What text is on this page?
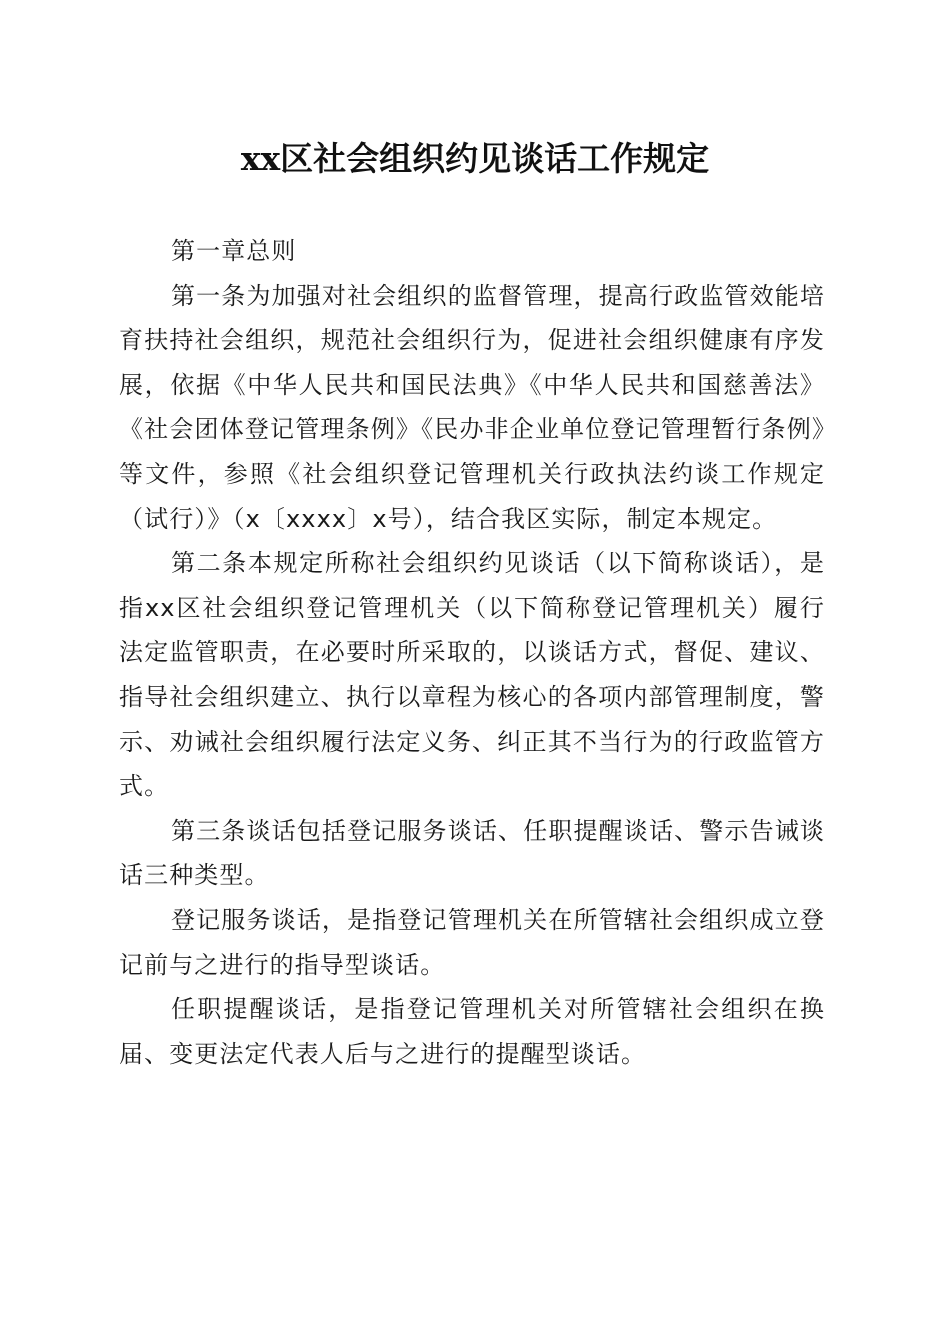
xx区社会组织约见谈话工作规定

第一章总则

第一条为加强对社会组织的监督管理，提高行政监管效能培育扶持社会组织，规范社会组织行为，促进社会组织健康有序发展，依据《中华人民共和国民法典》《中华人民共和国慈善法》《社会团体登记管理条例》《民办非企业单位登记管理暂行条例》等文件，参照《社会组织登记管理机关行政执法约谈工作规定（试行）》（x〔xxxx〕x号），结合我区实际，制定本规定。

第二条本规定所称社会组织约见谈话（以下简称谈话），是指xx区社会组织登记管理机关（以下简称登记管理机关）履行法定监管职责，在必要时所采取的，以谈话方式，督促、建议、指导社会组织建立、执行以章程为核心的各项内部管理制度，警示、劝诫社会组织履行法定义务、纠正其不当行为的行政监管方式。

第三条谈话包括登记服务谈话、任职提醒谈话、警示告诫谈话三种类型。

登记服务谈话，是指登记管理机关在所管辖社会组织成立登记前与之进行的指导型谈话。

任职提醒谈话，是指登记管理机关对所管辖社会组织在换届、变更法定代表人后与之进行的提醒型谈话。
